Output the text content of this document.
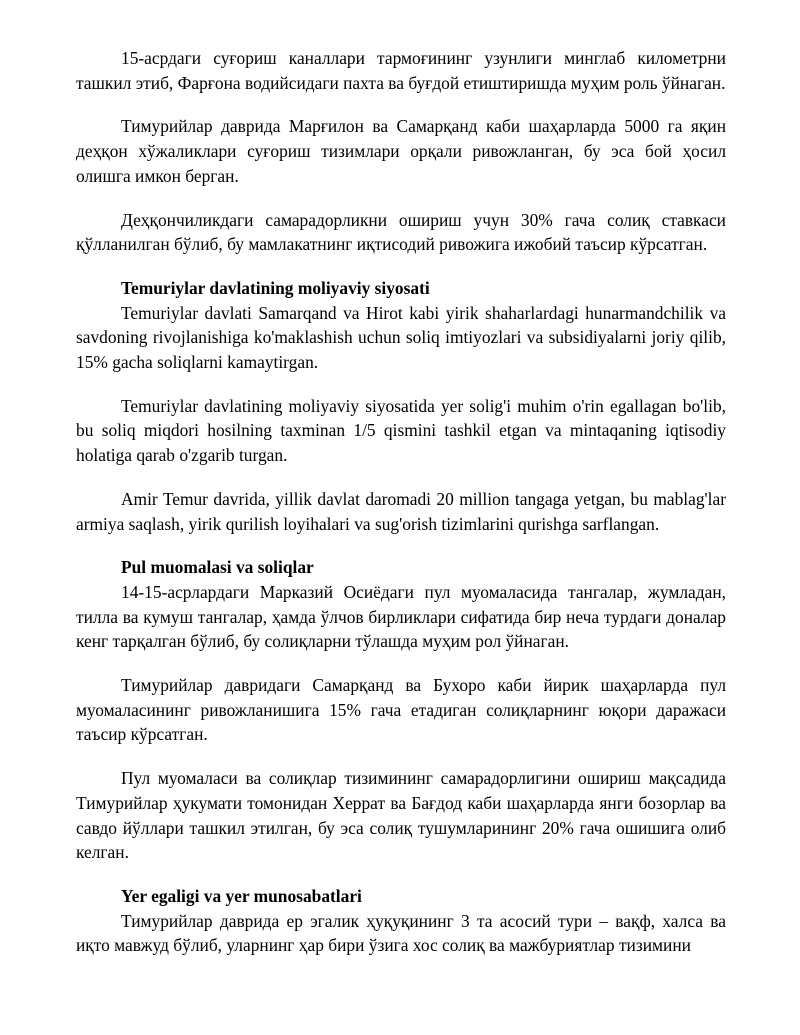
15-асрдаги суғориш каналлари тармоғининг узунлиги минглаб километрни ташкил этиб, Фарғона водийсидаги пахта ва буғдой етиштиришда муҳим роль ўйнаган.

Тимурийлар даврида Марғилон ва Самарқанд каби шаҳарларда 5000 га яқин деҳқон хўжаликлари суғориш тизимлари орқали ривожланган, бу эса бой ҳосил олишга имкон берган.

Деҳқончиликдаги самарадорликни ошириш учун 30% гача солиқ ставкаси қўлланилган бўлиб, бу мамлакатнинг иқтисодий ривожига ижобий таъсир кўрсатган.

Temuriylar davlatining moliyaviy siyosati

Temuriylar davlati Samarqand va Hirot kabi yirik shaharlardagi hunarmandchilik va savdoning rivojlanishiga ko'maklashish uchun soliq imtiyozlari va subsidiyalarni joriy qilib, 15% gacha soliqlarni kamaytirgan.

Temuriylar davlatining moliyaviy siyosatida yer solig'i muhim o'rin egallagan bo'lib, bu soliq miqdori hosilning taxminan 1/5 qismini tashkil etgan va mintaqaning iqtisodiy holatiga qarab o'zgarib turgan.

Amir Temur davrida, yillik davlat daromadi 20 million tangaga yetgan, bu mablag'lar armiya saqlash, yirik qurilish loyihalari va sug'orish tizimlarini qurishga sarflangan.

Pul muomalasi va soliqlar

14-15-асрлардаги Марказий Осиёдаги пул муомаласида тангалар, жумладан, тилла ва кумуш тангалар, ҳамда ўлчов бирликлари сифатида бир неча турдаги доналар кенг тарқалган бўлиб, бу солиқларни тўлашда муҳим рол ўйнаган.

Тимурийлар давридаги Самарқанд ва Бухоро каби йирик шаҳарларда пул муомаласининг ривожланишига 15% гача етадиган солиқларнинг юқори даражаси таъсир кўрсатган.

Пул муомаласи ва солиқлар тизимининг самарадорлигини ошириш мақсадида Тимурийлар ҳукумати томонидан Херрат ва Бағдод каби шаҳарларда янги бозорлар ва савдо йўллари ташкил этилган, бу эса солиқ тушумларининг 20% гача ошишига олиб келган.

Yer egaligi va yer munosabatlari

Тимурийлар даврида ер эгалик ҳуқуқининг 3 та асосий тури – вақф, халса ва иқто мавжуд бўлиб, уларнинг ҳар бири ўзига хос солиқ ва мажбуриятлар тизимини
